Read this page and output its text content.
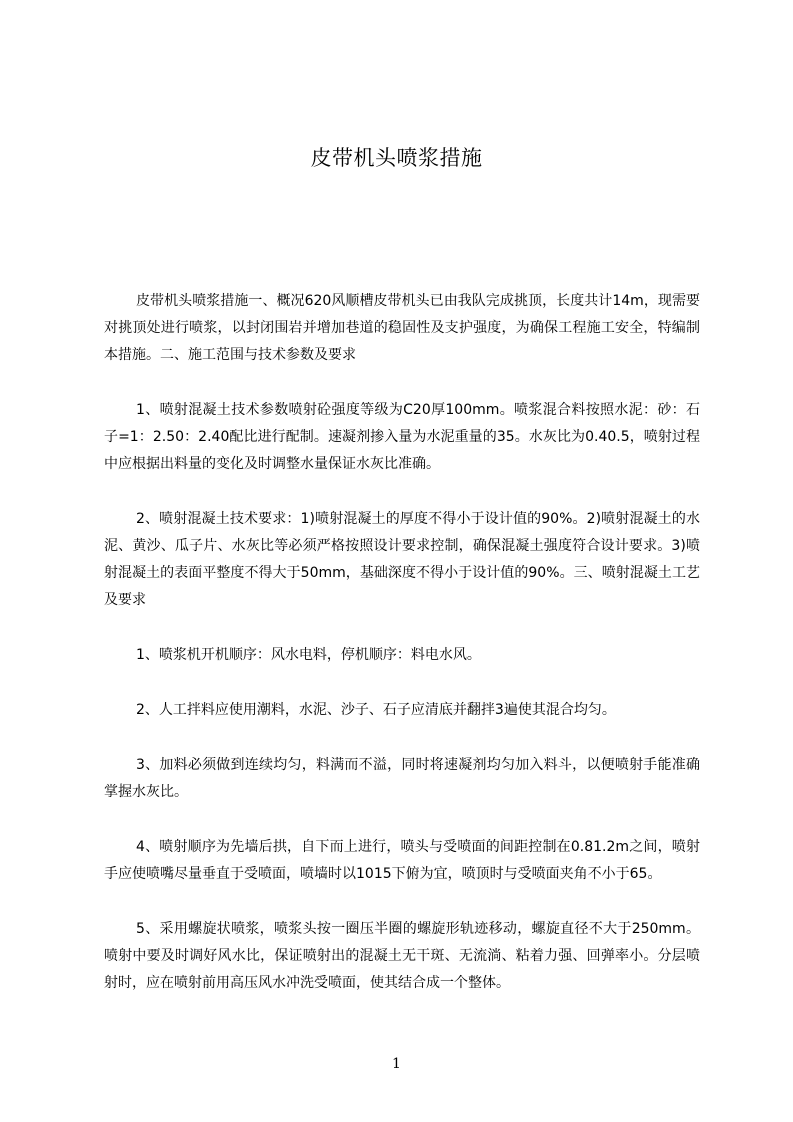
皮带机头喷浆措施

皮带机头喷浆措施一、概况620风顺槽皮带机头已由我队完成挑顶，长度共计14m，现需要对挑顶处进行喷浆，以封闭围岩并增加巷道的稳固性及支护强度，为确保工程施工安全，特编制本措施。二、施工范围与技术参数及要求

1、喷射混凝土技术参数喷射砼强度等级为C20厚100mm。喷浆混合料按照水泥：砂：石子=1：2.50：2.40配比进行配制。速凝剂掺入量为水泥重量的35。水灰比为0.40.5，喷射过程中应根据出料量的变化及时调整水量保证水灰比准确。

2、喷射混凝土技术要求：1)喷射混凝土的厚度不得小于设计值的90%。2)喷射混凝土的水泥、黄沙、瓜子片、水灰比等必须严格按照设计要求控制，确保混凝土强度符合设计要求。3)喷射混凝土的表面平整度不得大于50mm，基础深度不得小于设计值的90%。三、喷射混凝土工艺及要求

1、喷浆机开机顺序：风水电料，停机顺序：料电水风。

2、人工拌料应使用潮料，水泥、沙子、石子应清底并翻拌3遍使其混合均匀。

3、加料必须做到连续均匀，料满而不溢，同时将速凝剂均匀加入料斗，以便喷射手能准确掌握水灰比。

4、喷射顺序为先墙后拱，自下而上进行，喷头与受喷面的间距控制在0.81.2m之间，喷射手应使喷嘴尽量垂直于受喷面，喷墙时以1015下俯为宜，喷顶时与受喷面夹角不小于65。

5、采用螺旋状喷浆，喷浆头按一圈压半圈的螺旋形轨迹移动，螺旋直径不大于250mm。喷射中要及时调好风水比，保证喷射出的混凝土无干斑、无流淌、粘着力强、回弹率小。分层喷射时，应在喷射前用高压风水冲洗受喷面，使其结合成一个整体。

1
